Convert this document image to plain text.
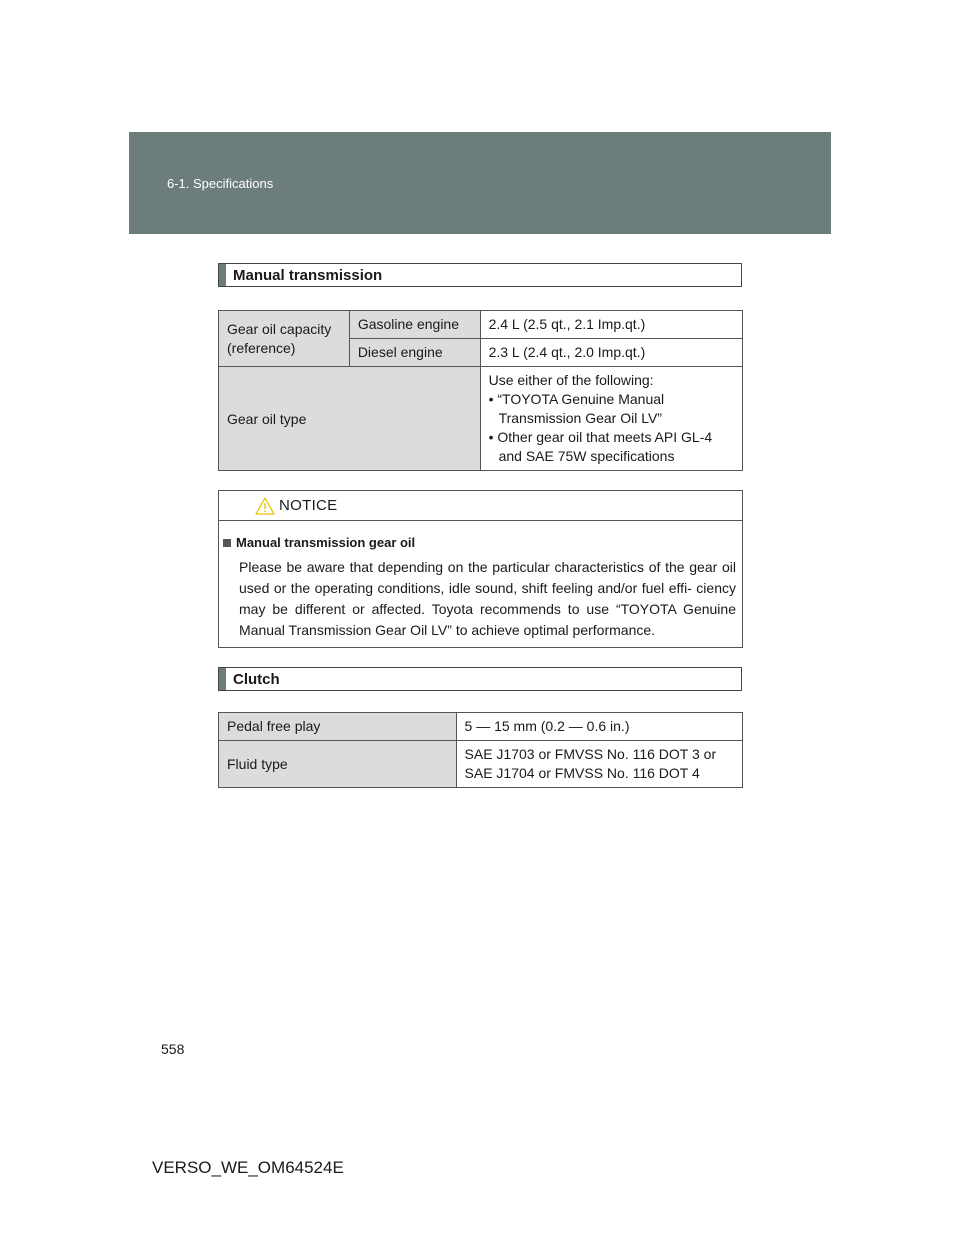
6-1. Specifications
Manual transmission
Gear oil capacity
(reference)	Gasoline engine	2.4 L (2.5 qt., 2.1 Imp.qt.)
	Diesel engine	2.3 L (2.4 qt., 2.0 Imp.qt.)
Gear oil type		Use either of the following:
• “TOYOTA Genuine Manual Transmission Gear Oil LV”
• Other gear oil that meets API GL-4 and SAE 75W specifications
NOTICE
Manual transmission gear oil
Please be aware that depending on the particular characteristics of the gear oil used or the operating conditions, idle sound, shift feeling and/or fuel effi- ciency may be different or affected. Toyota recommends to use “TOYOTA Genuine Manual Transmission Gear Oil LV” to achieve optimal performance.
Clutch
Pedal free play	5 — 15 mm (0.2 — 0.6 in.)
Fluid type	SAE J1703 or FMVSS No. 116 DOT 3 or SAE J1704 or FMVSS No. 116 DOT 4
558
VERSO_WE_OM64524E
